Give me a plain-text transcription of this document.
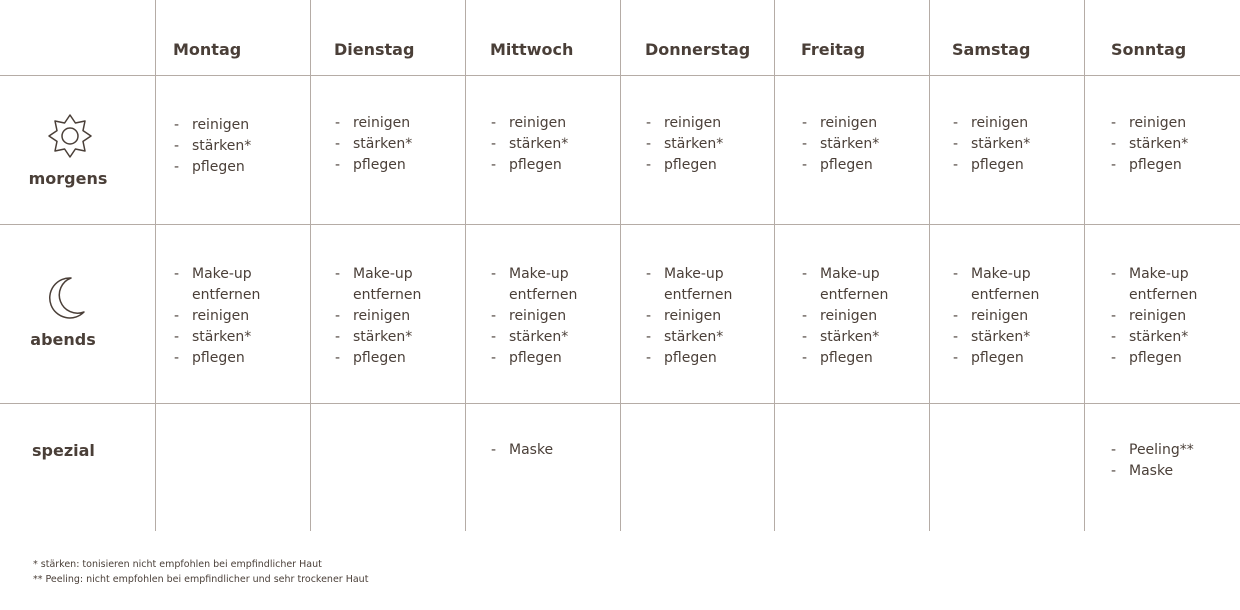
Montag	Dienstag	Mittwoch	Donnerstag	Freitag	Samstag	Sonntag
morgens
abends
spezial
- reinigen
- stärken*
- pflegen
- reinigen
- stärken*
- pflegen
- reinigen
- stärken*
- pflegen
- reinigen
- stärken*
- pflegen
- reinigen
- stärken*
- pflegen
- reinigen
- stärken*
- pflegen
- reinigen
- stärken*
- pflegen
- Make-up
entfernen
- reinigen
- stärken*
- pflegen
- Make-up
entfernen
- reinigen
- stärken*
- pflegen
- Make-up
entfernen
- reinigen
- stärken*
- pflegen
- Make-up
entfernen
- reinigen
- stärken*
- pflegen
- Make-up
entfernen
- reinigen
- stärken*
- pflegen
- Make-up
entfernen
- reinigen
- stärken*
- pflegen
- Make-up
entfernen
- reinigen
- stärken*
- pflegen
- Maske
-	Peeling**
- Maske
* stärken: tonisieren nicht empfohlen bei empfindlicher Haut
** Peeling: nicht empfohlen bei empfindlicher und sehr trockener Haut
